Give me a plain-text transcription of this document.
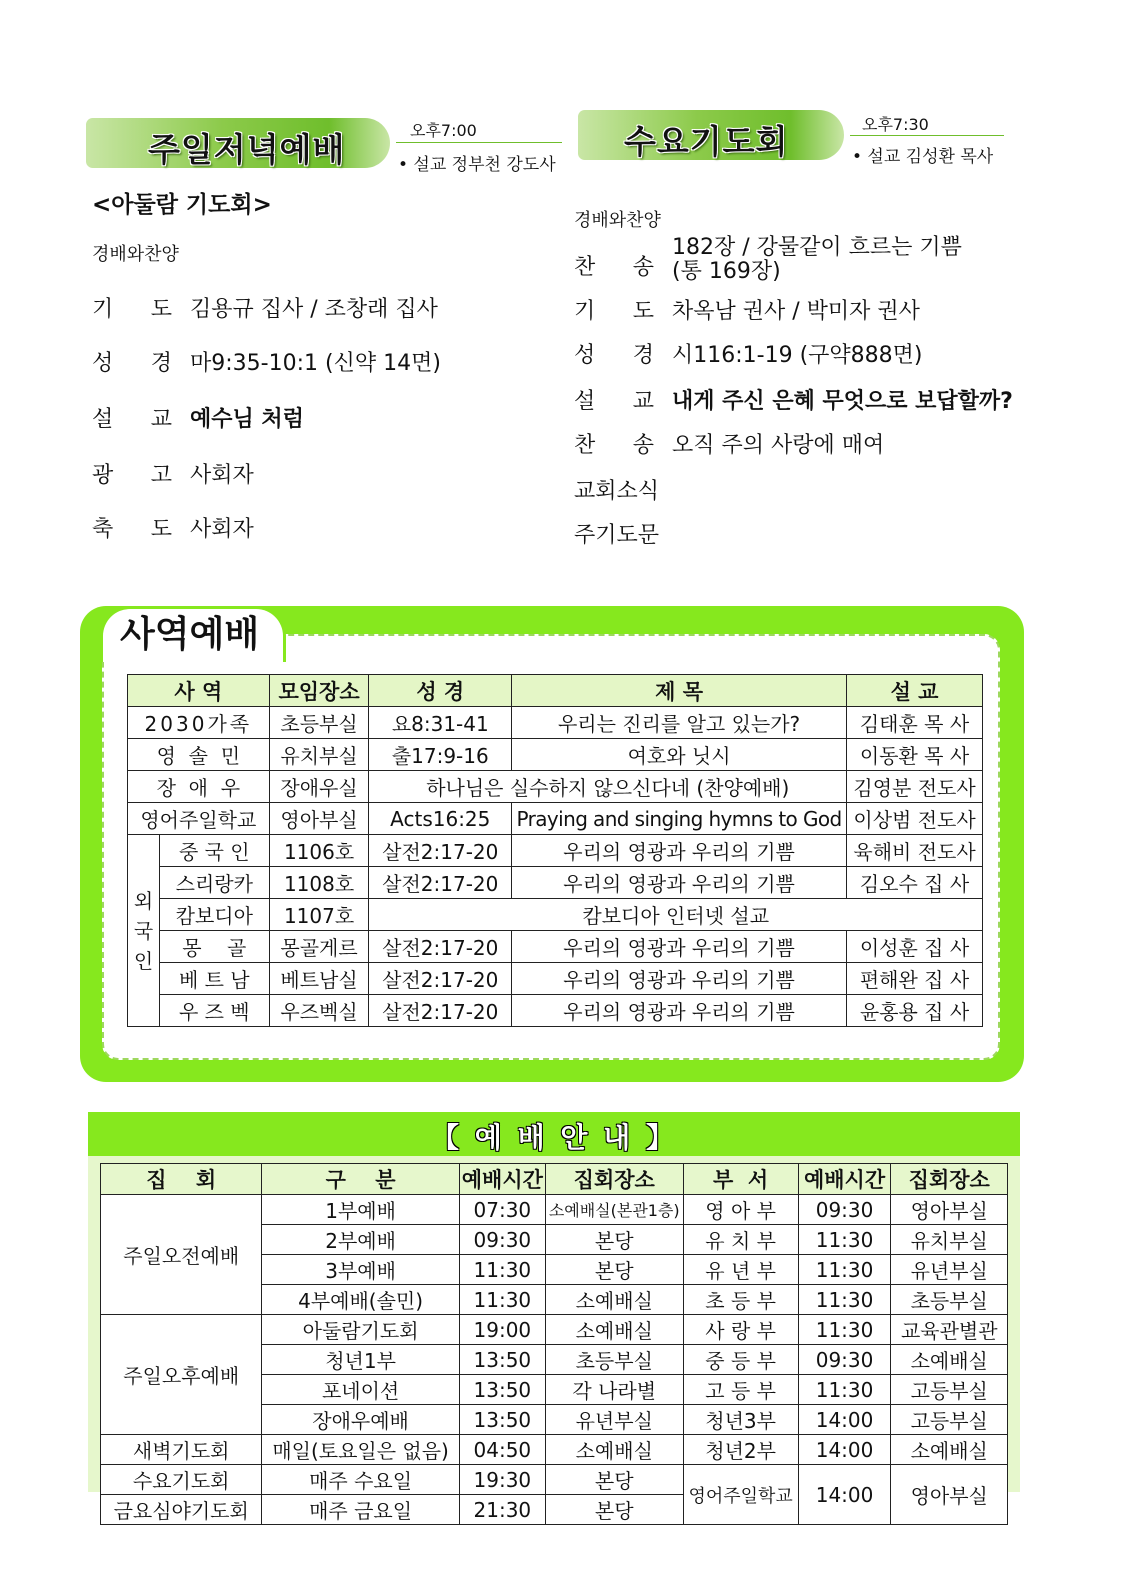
주일저녁예배	오후7:00
• 설교 정부천 강도사
<아둘람 기도회>
경배와찬양
기 도 김용규 집사 / 조창래 집사
성 경 마9:35-10:1 (신약 14면)
설 교 예수님 처럼
광 고 사회자
축 도 사회자
수요기도회	오후7:30
• 설교 김성환 목사
경배와찬양
찬 송
182장 / 강물같이 흐르는 기쁨
(통 169장)
기 도 차옥남 권사 / 박미자 권사
성 경 시116:1-19 (구약888면)
설 교 내게 주신 은혜 무엇으로 보답할까?
찬 송 오직 주의 사랑에 매여
교회소식
주기도문
사역예배
사 역		모임장소	성 경	제 목	설 교
2030가족		초등부실	요8:31-41	우리는 진리를 알고 있는가?	김태훈 목 사
영  솔  민		유치부실	출17:9-16	여호와 닛시	이동환 목 사
장  애  우		장애우실	하나님은 실수하지 않으신다네 (찬양예배)		김영분 전도사
영어주일학교		영아부실	Acts16:25	Praying and singing hymns to God	이상범 전도사
외국인	중 국 인	1106호	살전2:17-20	우리의 영광과 우리의 기쁨	육해비 전도사
	스리랑카	1108호	살전2:17-20	우리의 영광과 우리의 기쁨	김오수 집 사
	캄보디아	1107호	캄보디아 인터넷 설교		
	몽    골	몽골게르	살전2:17-20	우리의 영광과 우리의 기쁨	이성훈 집 사
	베 트 남	베트남실	살전2:17-20	우리의 영광과 우리의 기쁨	편해완 집 사
	우 즈 벡	우즈벡실	살전2:17-20	우리의 영광과 우리의 기쁨	윤홍용 집 사
【 예 배 안 내 】
집    회	구    분	예배시간	집회장소	부  서	예배시간	집회장소
주일오전예배	1부예배	07:30	소예배실(본관1층)	영 아 부	09:30	영아부실
	2부예배	09:30	본당	유 치 부	11:30	유치부실
	3부예배	11:30	본당	유 년 부	11:30	유년부실
	4부예배(솔민)	11:30	소예배실	초 등 부	11:30	초등부실
주일오후예배	아둘람기도회	19:00	소예배실	사 랑 부	11:30	교육관별관
	청년1부	13:50	초등부실	중 등 부	09:30	소예배실
	포네이션	13:50	각 나라별	고 등 부	11:30	고등부실
	장애우예배	13:50	유년부실	청년3부	14:00	고등부실
새벽기도회	매일(토요일은 없음)	04:50	소예배실	청년2부	14:00	소예배실
수요기도회	매주 수요일	19:30	본당	영어주일학교	14:00	영아부실
금요심야기도회	매주 금요일	21:30	본당			
